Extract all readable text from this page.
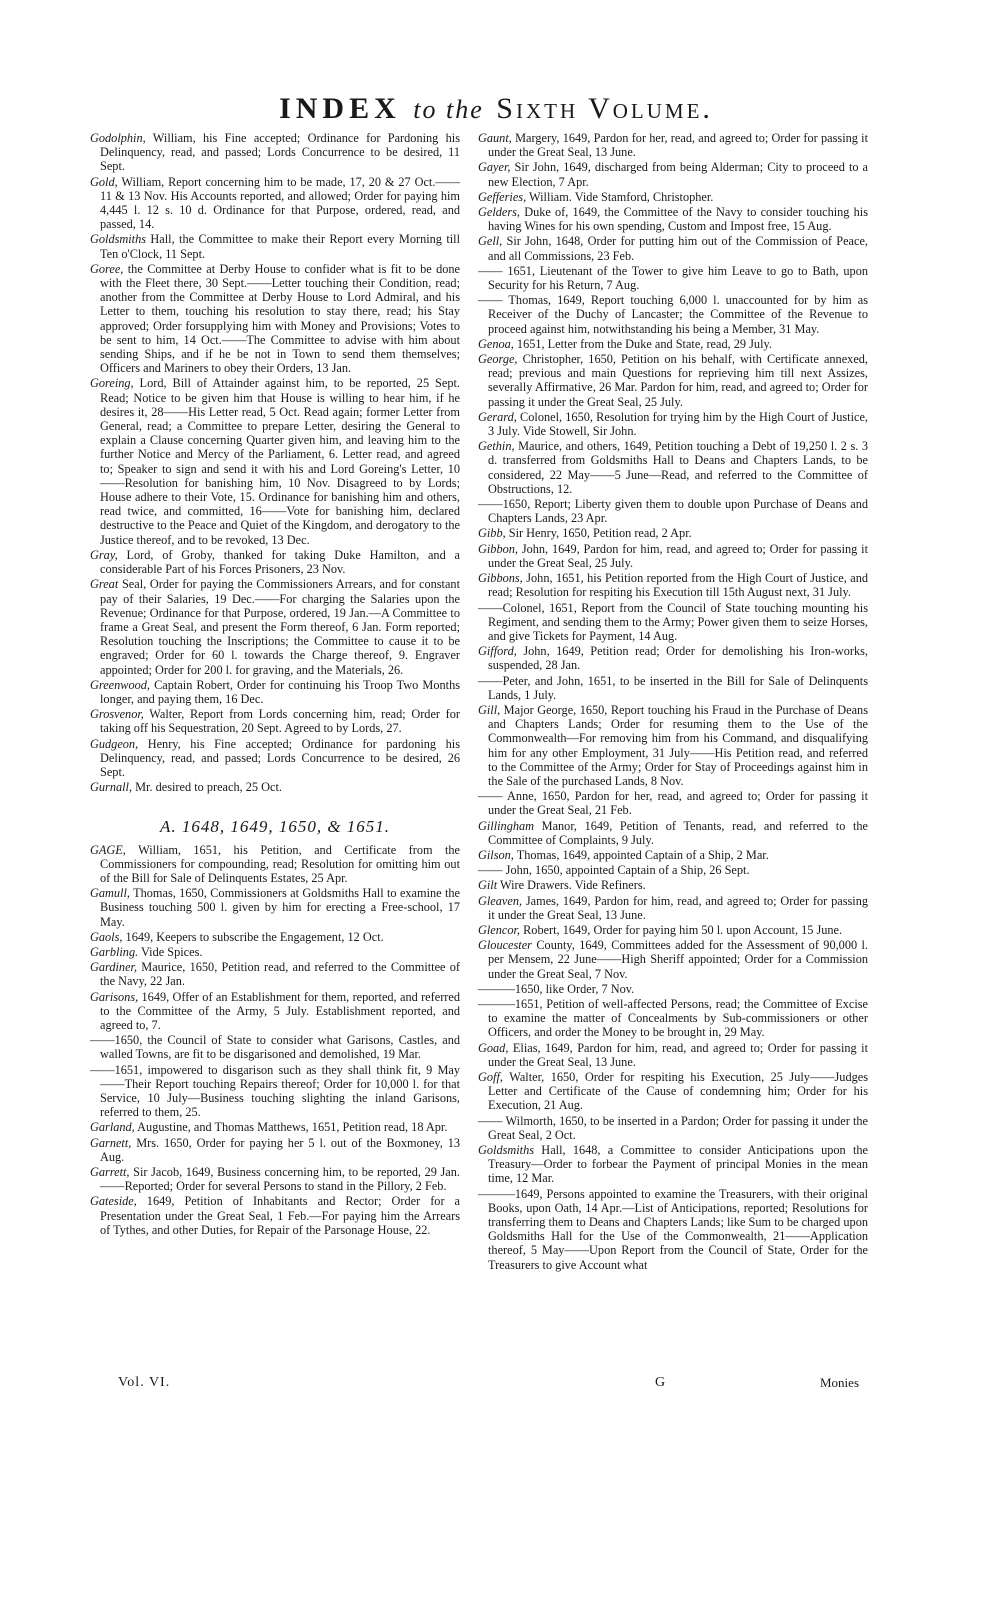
INDEX to the Sixth Volume.
Godolphin, William, his Fine accepted; Ordinance for Pardoning his Delinquency, read, and passed; Lords Concurrence to be desired, 11 Sept.
Gold, William, Report concerning him to be made, 17, 20 & 27 Oct.——11 & 13 Nov. His Accounts reported, and allowed; Order for paying him 4,445 l. 12 s. 10 d. Ordinance for that Purpose, ordered, read, and passed, 14.
Goldsmiths Hall, the Committee to make their Report every Morning till Ten o'Clock, 11 Sept.
Goree, the Committee at Derby House to confider what is fit to be done with the Fleet there, 30 Sept.——Letter touching their Condition, read; another from the Committee at Derby House to Lord Admiral, and his Letter to them, touching his resolution to stay there, read; his Stay approved; Order forsupplying him with Money and Provisions; Votes to be sent to him, 14 Oct.——The Committee to advise with him about sending Ships, and if he be not in Town to send them themselves; Officers and Mariners to obey their Orders, 13 Jan.
Goreing, Lord, Bill of Attainder against him, to be reported, 25 Sept. Read; Notice to be given him that House is willing to hear him, if he desires it, 28——His Letter read, 5 Oct. Read again; former Letter from General, read; a Committee to prepare Letter, desiring the General to explain a Clause concerning Quarter given him, and leaving him to the further Notice and Mercy of the Parliament, 6. Letter read, and agreed to; Speaker to sign and send it with his and Lord Goreing's Letter, 10——Resolution for banishing him, 10 Nov. Disagreed to by Lords; House adhere to their Vote, 15. Ordinance for banishing him and others, read twice, and committed, 16——Vote for banishing him, declared destructive to the Peace and Quiet of the Kingdom, and derogatory to the Justice thereof, and to be revoked, 13 Dec.
Gray, Lord, of Groby, thanked for taking Duke Hamilton, and a considerable Part of his Forces Prisoners, 23 Nov.
Great Seal, Order for paying the Commissioners Arrears, and for constant pay of their Salaries, 19 Dec.——For charging the Salaries upon the Revenue; Ordinance for that Purpose, ordered, 19 Jan.—A Committee to frame a Great Seal, and present the Form thereof, 6 Jan. Form reported; Resolution touching the Inscriptions; the Committee to cause it to be engraved; Order for 60 l. towards the Charge thereof, 9. Engraver appointed; Order for 200 l. for graving, and the Materials, 26.
Greenwood, Captain Robert, Order for continuing his Troop Two Months longer, and paying them, 16 Dec.
Grosvenor, Walter, Report from Lords concerning him, read; Order for taking off his Sequestration, 20 Sept. Agreed to by Lords, 27.
Gudgeon, Henry, his Fine accepted; Ordinance for pardoning his Delinquency, read, and passed; Lords Concurrence to be desired, 26 Sept.
Gurnall, Mr. desired to preach, 25 Oct.
A. 1648, 1649, 1650, & 1651.
GAGE, William, 1651, his Petition, and Certificate from the Commissioners for compounding, read; Resolution for omitting him out of the Bill for Sale of Delinquents Estates, 25 Apr.
Gamull, Thomas, 1650, Commissioners at Goldsmiths Hall to examine the Business touching 500 l. given by him for erecting a Free-school, 17 May.
Gaols, 1649, Keepers to subscribe the Engagement, 12 Oct.
Garbling. Vide Spices.
Gardiner, Maurice, 1650, Petition read, and referred to the Committee of the Navy, 22 Jan.
Garisons, 1649, Offer of an Establishment for them, reported, and referred to the Committee of the Army, 5 July. Establishment reported, and agreed to, 7.
——1650, the Council of State to consider what Garisons, Castles, and walled Towns, are fit to be disgarisoned and demolished, 19 Mar.
——1651, impowered to disgarison such as they shall think fit, 9 May——Their Report touching Repairs thereof; Order for 10,000 l. for that Service, 10 July—Business touching slighting the inland Garisons, referred to them, 25.
Garland, Augustine, and Thomas Matthews, 1651, Petition read, 18 Apr.
Garnett, Mrs. 1650, Order for paying her 5 l. out of the Boxmoney, 13 Aug.
Garrett, Sir Jacob, 1649, Business concerning him, to be reported, 29 Jan.——Reported; Order for several Persons to stand in the Pillory, 2 Feb.
Gateside, 1649, Petition of Inhabitants and Rector; Order for a Presentation under the Great Seal, 1 Feb.—For paying him the Arrears of Tythes, and other Duties, for Repair of the Parsonage House, 22.
Gaunt, Margery, 1649, Pardon for her, read, and agreed to; Order for passing it under the Great Seal, 13 June.
Gayer, Sir John, 1649, discharged from being Alderman; City to proceed to a new Election, 7 Apr.
Gefferies, William. Vide Stamford, Christopher.
Gelders, Duke of, 1649, the Committee of the Navy to consider touching his having Wines for his own spending, Custom and Impost free, 15 Aug.
Gell, Sir John, 1648, Order for putting him out of the Commission of Peace, and all Commissions, 23 Feb.
—— 1651, Lieutenant of the Tower to give him Leave to go to Bath, upon Security for his Return, 7 Aug.
—— Thomas, 1649, Report touching 6,000 l. unaccounted for by him as Receiver of the Duchy of Lancaster; the Committee of the Revenue to proceed against him, notwithstanding his being a Member, 31 May.
Genoa, 1651, Letter from the Duke and State, read, 29 July.
George, Christopher, 1650, Petition on his behalf, with Certificate annexed, read; previous and main Questions for reprieving him till next Assizes, severally Affirmative, 26 Mar. Pardon for him, read, and agreed to; Order for passing it under the Great Seal, 25 July.
Gerard, Colonel, 1650, Resolution for trying him by the High Court of Justice, 3 July. Vide Stowell, Sir John.
Gethin, Maurice, and others, 1649, Petition touching a Debt of 19,250 l. 2 s. 3 d. transferred from Goldsmiths Hall to Deans and Chapters Lands, to be considered, 22 May——5 June—Read, and referred to the Committee of Obstructions, 12.
——1650, Report; Liberty given them to double upon Purchase of Deans and Chapters Lands, 23 Apr.
Gibb, Sir Henry, 1650, Petition read, 2 Apr.
Gibbon, John, 1649, Pardon for him, read, and agreed to; Order for passing it under the Great Seal, 25 July.
Gibbons, John, 1651, his Petition reported from the High Court of Justice, and read; Resolution for respiting his Execution till 15th August next, 31 July.
——Colonel, 1651, Report from the Council of State touching mounting his Regiment, and sending them to the Army; Power given them to seize Horses, and give Tickets for Payment, 14 Aug.
Gifford, John, 1649, Petition read; Order for demolishing his Iron-works, suspended, 28 Jan.
——Peter, and John, 1651, to be inserted in the Bill for Sale of Delinquents Lands, 1 July.
Gill, Major George, 1650, Report touching his Fraud in the Purchase of Deans and Chapters Lands; Order for resuming them to the Use of the Commonwealth—For removing him from his Command, and disqualifying him for any other Employment, 31 July——His Petition read, and referred to the Committee of the Army; Order for Stay of Proceedings against him in the Sale of the purchased Lands, 8 Nov.
—— Anne, 1650, Pardon for her, read, and agreed to; Order for passing it under the Great Seal, 21 Feb.
Gillingham Manor, 1649, Petition of Tenants, read, and referred to the Committee of Complaints, 9 July.
Gilson, Thomas, 1649, appointed Captain of a Ship, 2 Mar.
—— John, 1650, appointed Captain of a Ship, 26 Sept.
Gilt Wire Drawers. Vide Refiners.
Gleaven, James, 1649, Pardon for him, read, and agreed to; Order for passing it under the Great Seal, 13 June.
Glencor, Robert, 1649, Order for paying him 50 l. upon Account, 15 June.
Gloucester County, 1649, Committees added for the Assessment of 90,000 l. per Mensem, 22 June——High Sheriff appointed; Order for a Commission under the Great Seal, 7 Nov.
———1650, like Order, 7 Nov.
———1651, Petition of well-affected Persons, read; the Committee of Excise to examine the matter of Concealments by Sub-commissioners or other Officers, and order the Money to be brought in, 29 May.
Goad, Elias, 1649, Pardon for him, read, and agreed to; Order for passing it under the Great Seal, 13 June.
Goff, Walter, 1650, Order for respiting his Execution, 25 July——Judges Letter and Certificate of the Cause of condemning him; Order for his Execution, 21 Aug.
—— Wilmorth, 1650, to be inserted in a Pardon; Order for passing it under the Great Seal, 2 Oct.
Goldsmiths Hall, 1648, a Committee to consider Anticipations upon the Treasury—Order to forbear the Payment of principal Monies in the mean time, 12 Mar.
———1649, Persons appointed to examine the Treasurers, with their original Books, upon Oath, 14 Apr.—List of Anticipations, reported; Resolutions for transferring them to Deans and Chapters Lands; like Sum to be charged upon Goldsmiths Hall for the Use of the Commonwealth, 21——Application thereof, 5 May——Upon Report from the Council of State, Order for the Treasurers to give Account what
Vol. VI.	G	Monies
